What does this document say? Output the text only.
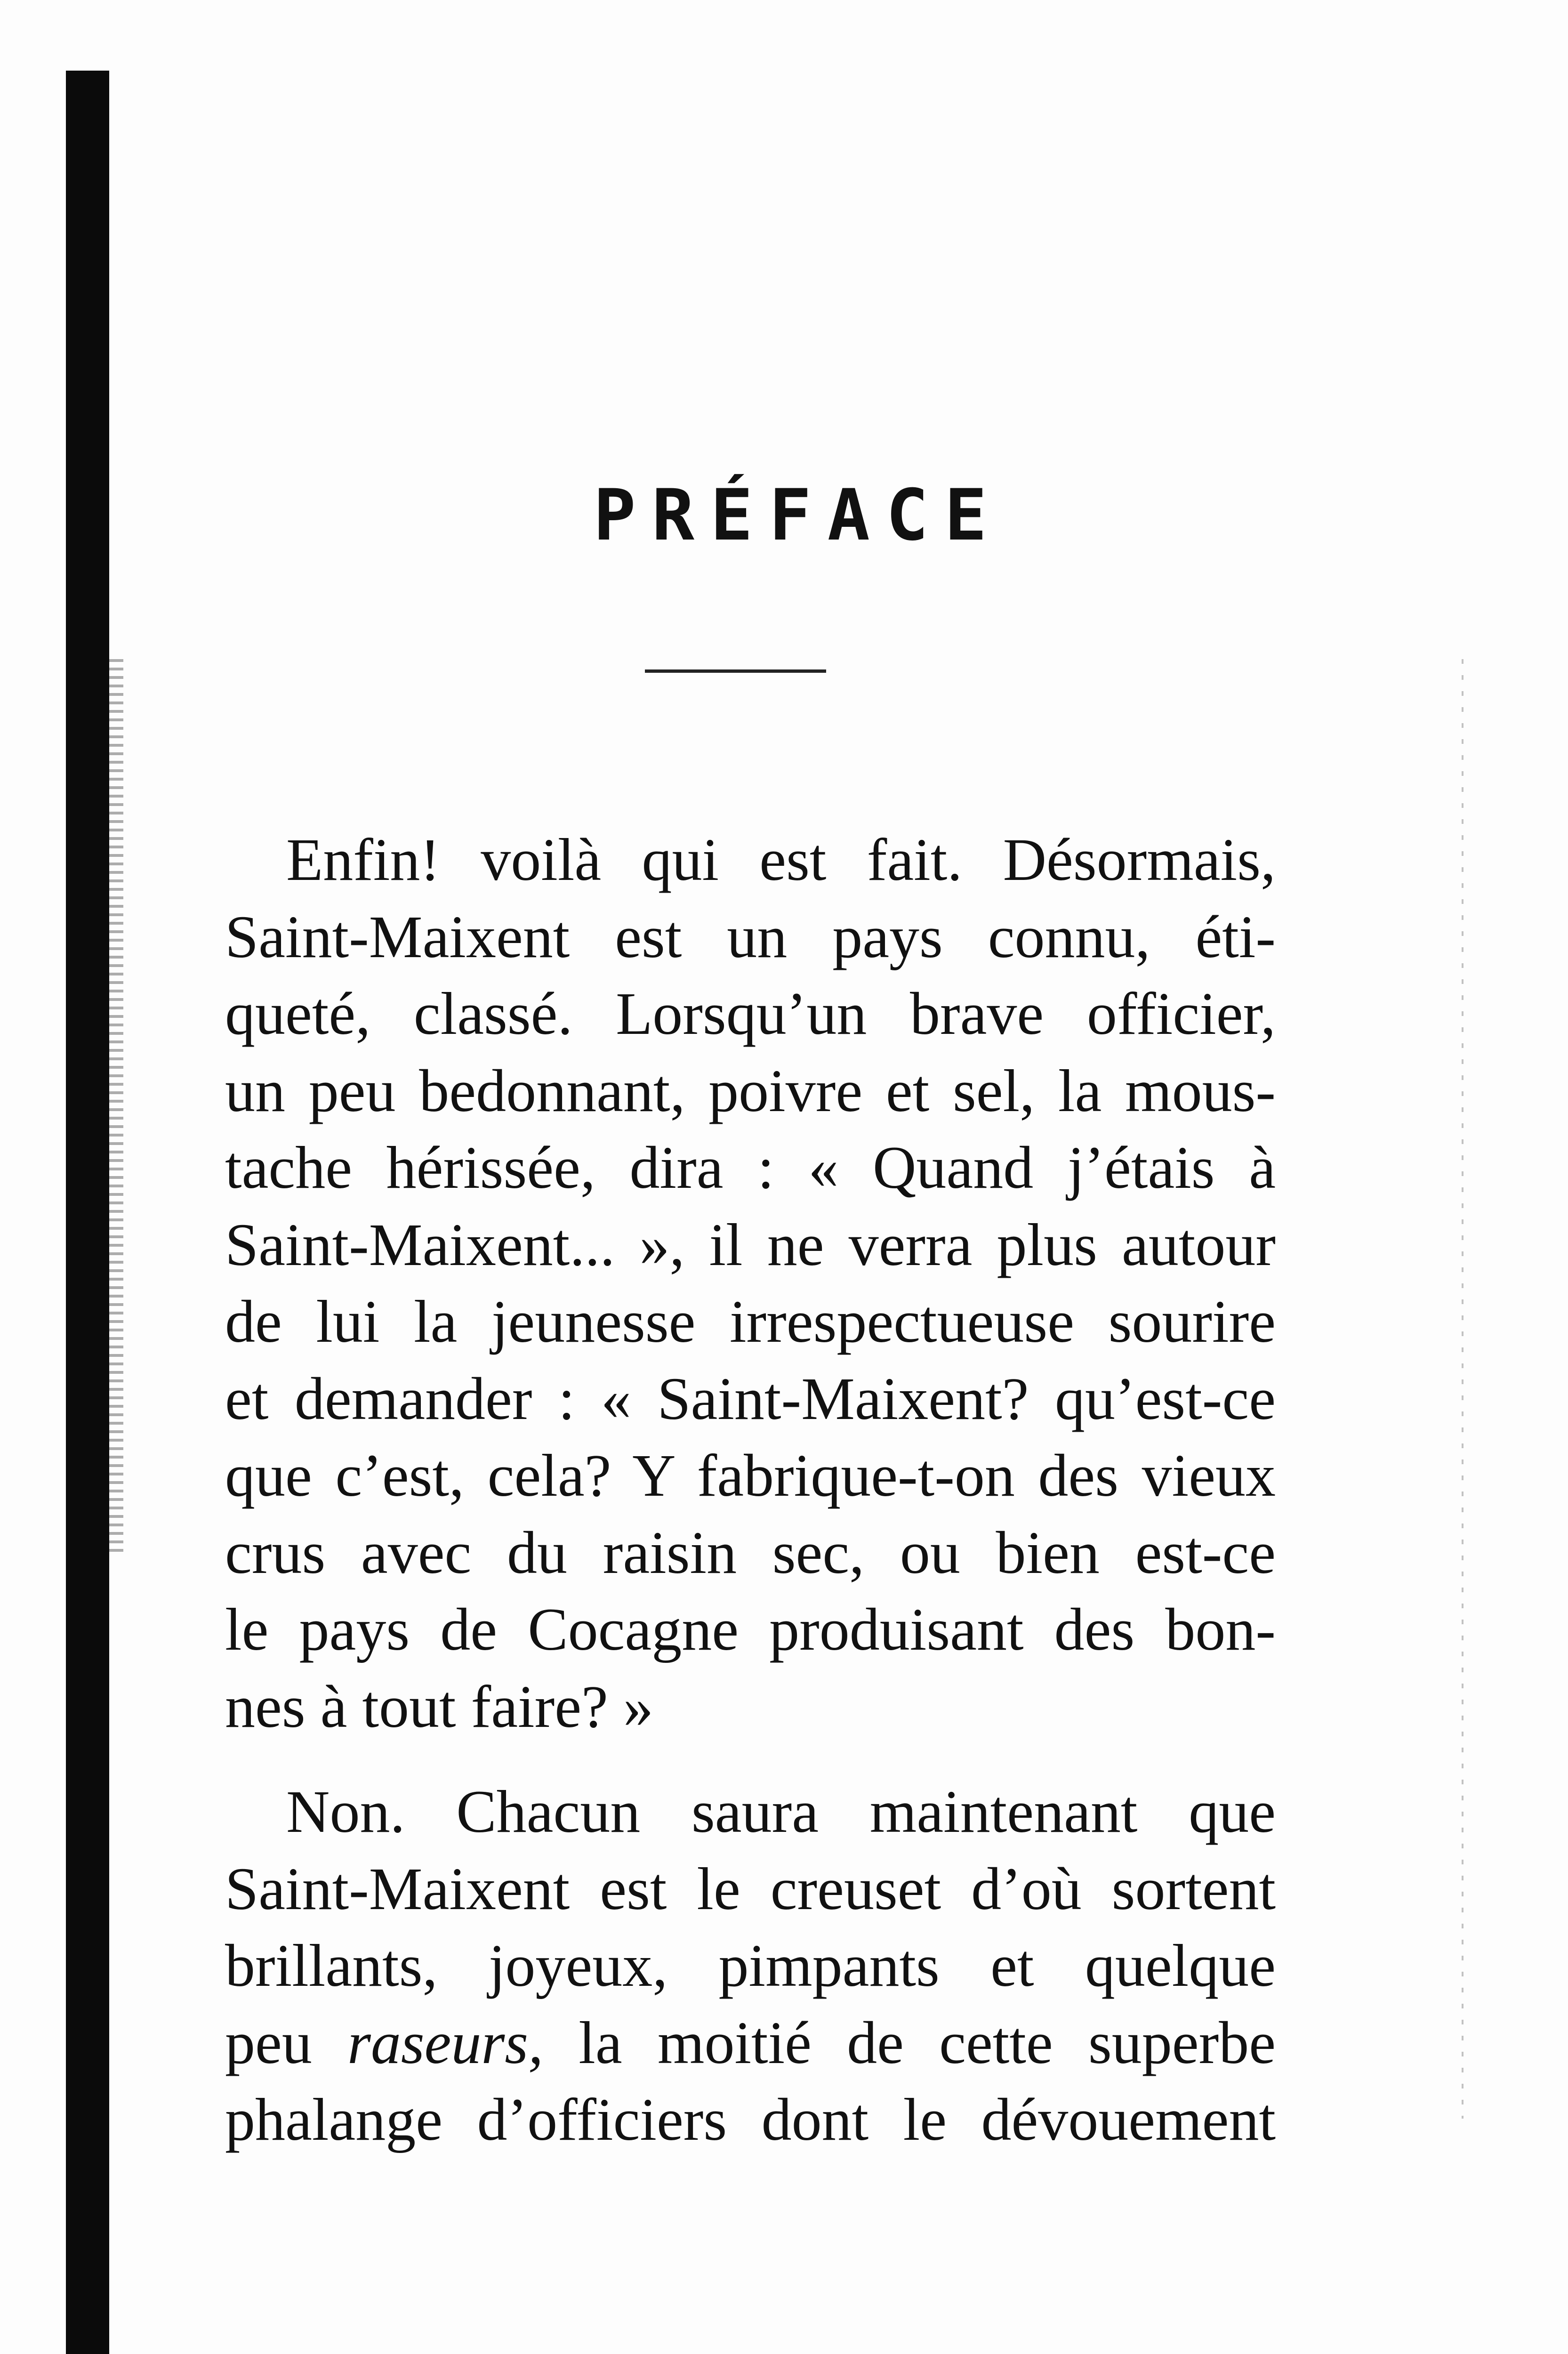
PRÉFACE
Enfin! voilà qui est fait. Désormais,
Saint-Maixent est un pays connu, éti-
queté, classé. Lorsqu’un brave officier,
un peu bedonnant, poivre et sel, la mous-
tache hérissée, dira : « Quand j’étais à
Saint-Maixent... », il ne verra plus autour
de lui la jeunesse irrespectueuse sourire
et demander : « Saint-Maixent? qu’est-ce
que c’est, cela? Y fabrique-t-on des vieux
crus avec du raisin sec, ou bien est-ce
le pays de Cocagne produisant des bon-
nes à tout faire? »
Non. Chacun saura maintenant que
Saint-Maixent est le creuset d’où sortent
brillants, joyeux, pimpants et quelque
peu raseurs, la moitié de cette superbe
phalange d’officiers dont le dévouement
